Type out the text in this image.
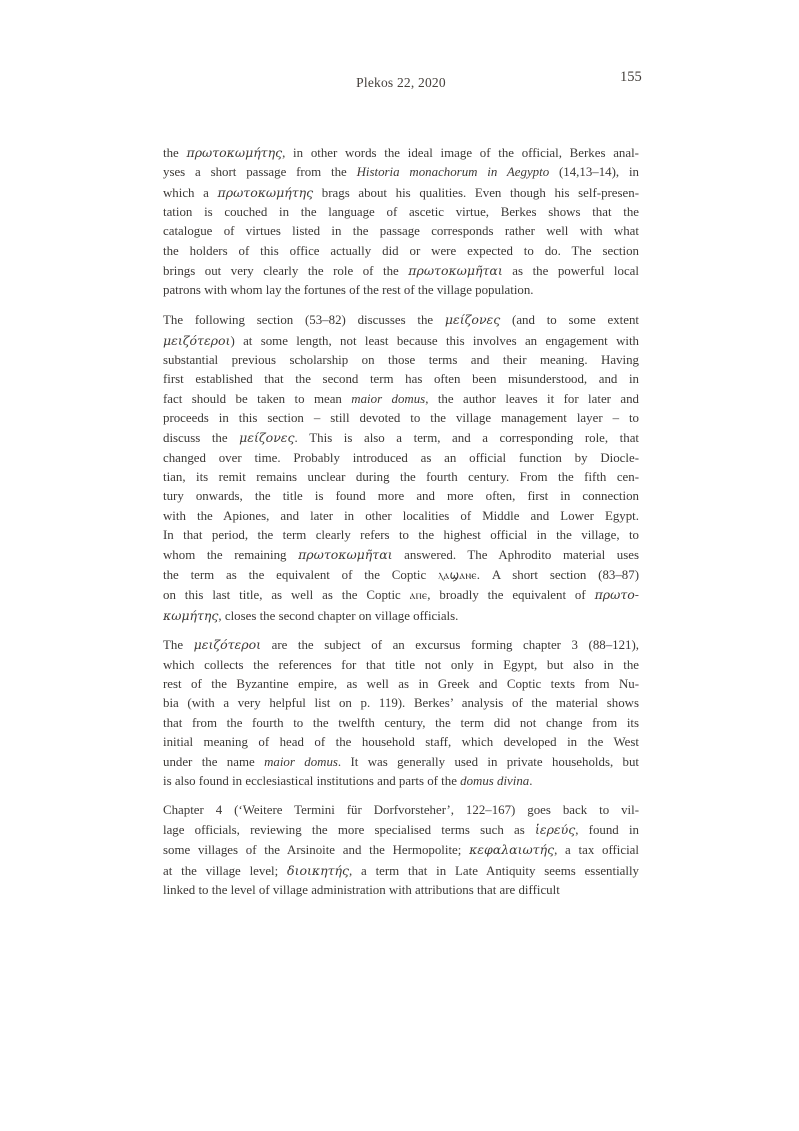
Plekos 22, 2020	155
the πρωτοκωμήτης, in other words the ideal image of the official, Berkes anal-
yses a short passage from the Historia monachorum in Aegypto (14,13–14), in
which a πρωτοκωμήτης brags about his qualities. Even though his self-presen-
tation is couched in the language of ascetic virtue, Berkes shows that the
catalogue of virtues listed in the passage corresponds rather well with what
the holders of this office actually did or were expected to do. The section
brings out very clearly the role of the πρωτοκωμῆται as the powerful local
patrons with whom lay the fortunes of the rest of the village population.
The following section (53–82) discusses the μείζονες (and to some extent
μειζότεροι) at some length, not least because this involves an engagement with
substantial previous scholarship on those terms and their meaning. Having
first established that the second term has often been misunderstood, and in
fact should be taken to mean maior domus, the author leaves it for later and
proceeds in this section – still devoted to the village management layer – to
discuss the μείζονες. This is also a term, and a corresponding role, that
changed over time. Probably introduced as an official function by Diocle-
tian, its remit remains unclear during the fourth century. From the fifth cen-
tury onwards, the title is found more and more often, first in connection
with the Apiones, and later in other localities of Middle and Lower Egypt.
In that period, the term clearly refers to the highest official in the village, to
whom the remaining πρωτοκωμῆται answered. The Aphrodito material uses
the term as the equivalent of the Coptic ⲗⲁϣⲁⲛⲉ. A short section (83–87)
on this last title, as well as the Coptic ⲁⲡⲉ, broadly the equivalent of πρωτο-
κωμήτης, closes the second chapter on village officials.
The μειζότεροι are the subject of an excursus forming chapter 3 (88–121),
which collects the references for that title not only in Egypt, but also in the
rest of the Byzantine empire, as well as in Greek and Coptic texts from Nu-
bia (with a very helpful list on p. 119). Berkes’ analysis of the material shows
that from the fourth to the twelfth century, the term did not change from its
initial meaning of head of the household staff, which developed in the West
under the name maior domus. It was generally used in private households, but
is also found in ecclesiastical institutions and parts of the domus divina.
Chapter 4 (‘Weitere Termini für Dorfvorsteher’, 122–167) goes back to vil-
lage officials, reviewing the more specialised terms such as ἱερεύς, found in
some villages of the Arsinoite and the Hermopolite; κεφαλαιωτής, a tax official
at the village level; διοικητής, a term that in Late Antiquity seems essentially
linked to the level of village administration with attributions that are difficult
